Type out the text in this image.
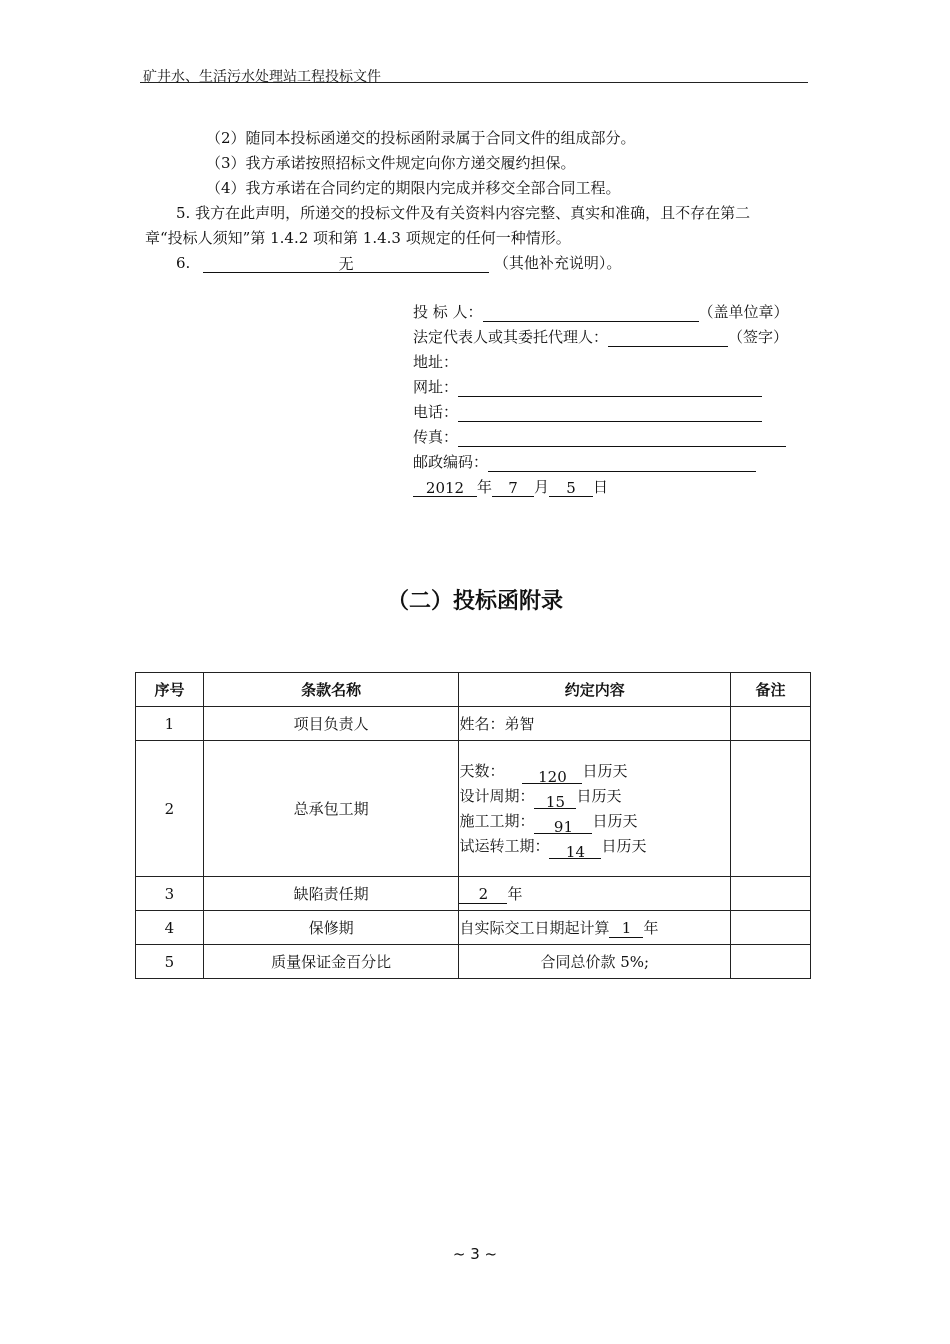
矿井水、生活污水处理站工程投标文件
（2）随同本投标函递交的投标函附录属于合同文件的组成部分。
（3）我方承诺按照招标文件规定向你方递交履约担保。
（4）我方承诺在合同约定的期限内完成并移交全部合同工程。
5. 我方在此声明，所递交的投标文件及有关资料内容完整、真实和准确，且不存在第二
章“投标人须知”第 1.4.2 项和第 1.4.3 项规定的任何一种情形。
6.	无	（其他补充说明）。
投 标 人：	（盖单位章）
法定代表人或其委托代理人：	（签字）
地址：
网址：
电话：
传真：
邮政编码：
2012 年 7 月 5 日
（二）投标函附录
序号	条款名称	约定内容	备注
1	项目负责人	姓名：弟智	
2	总承包工期	天数： 120 日历天
设计周期： 15 日历天
施工工期： 91 日历天
试运转工期： 14 日历天	

3	缺陷责任期	2 年	
4	保修期	自实际交工日期起计算 1 年	
5	质量保证金百分比	合同总价款 5%;	
~ 3 ~
